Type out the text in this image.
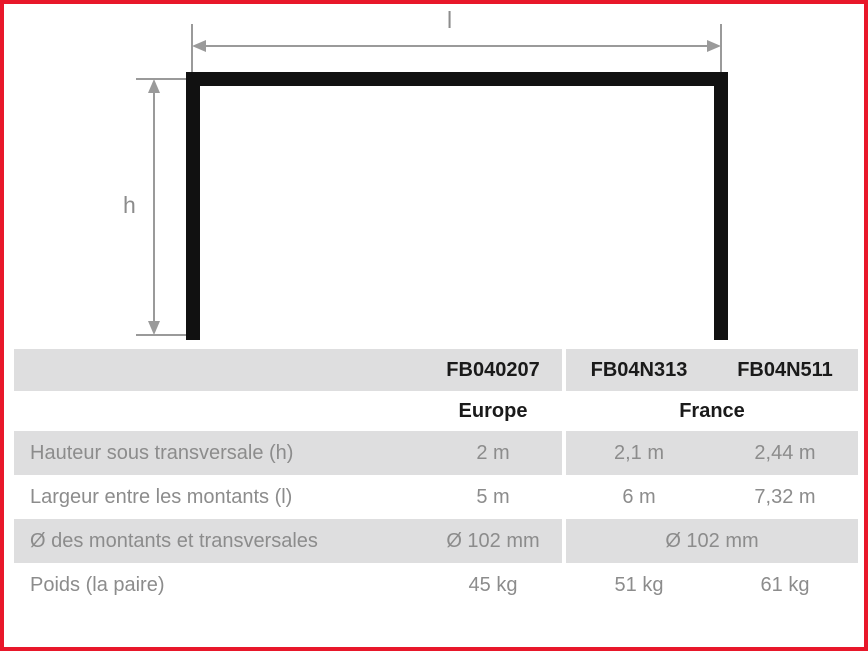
l
h
	FB040207		FB04N313	FB04N511
	Europe		France	
Hauteur sous transversale (h)	2 m		2,1 m	2,44 m
Largeur entre les montants (l)	5 m		6 m	7,32 m
Ø des montants et transversales	Ø 102 mm		Ø 102 mm	
Poids (la paire)	45 kg		51 kg	61 kg
